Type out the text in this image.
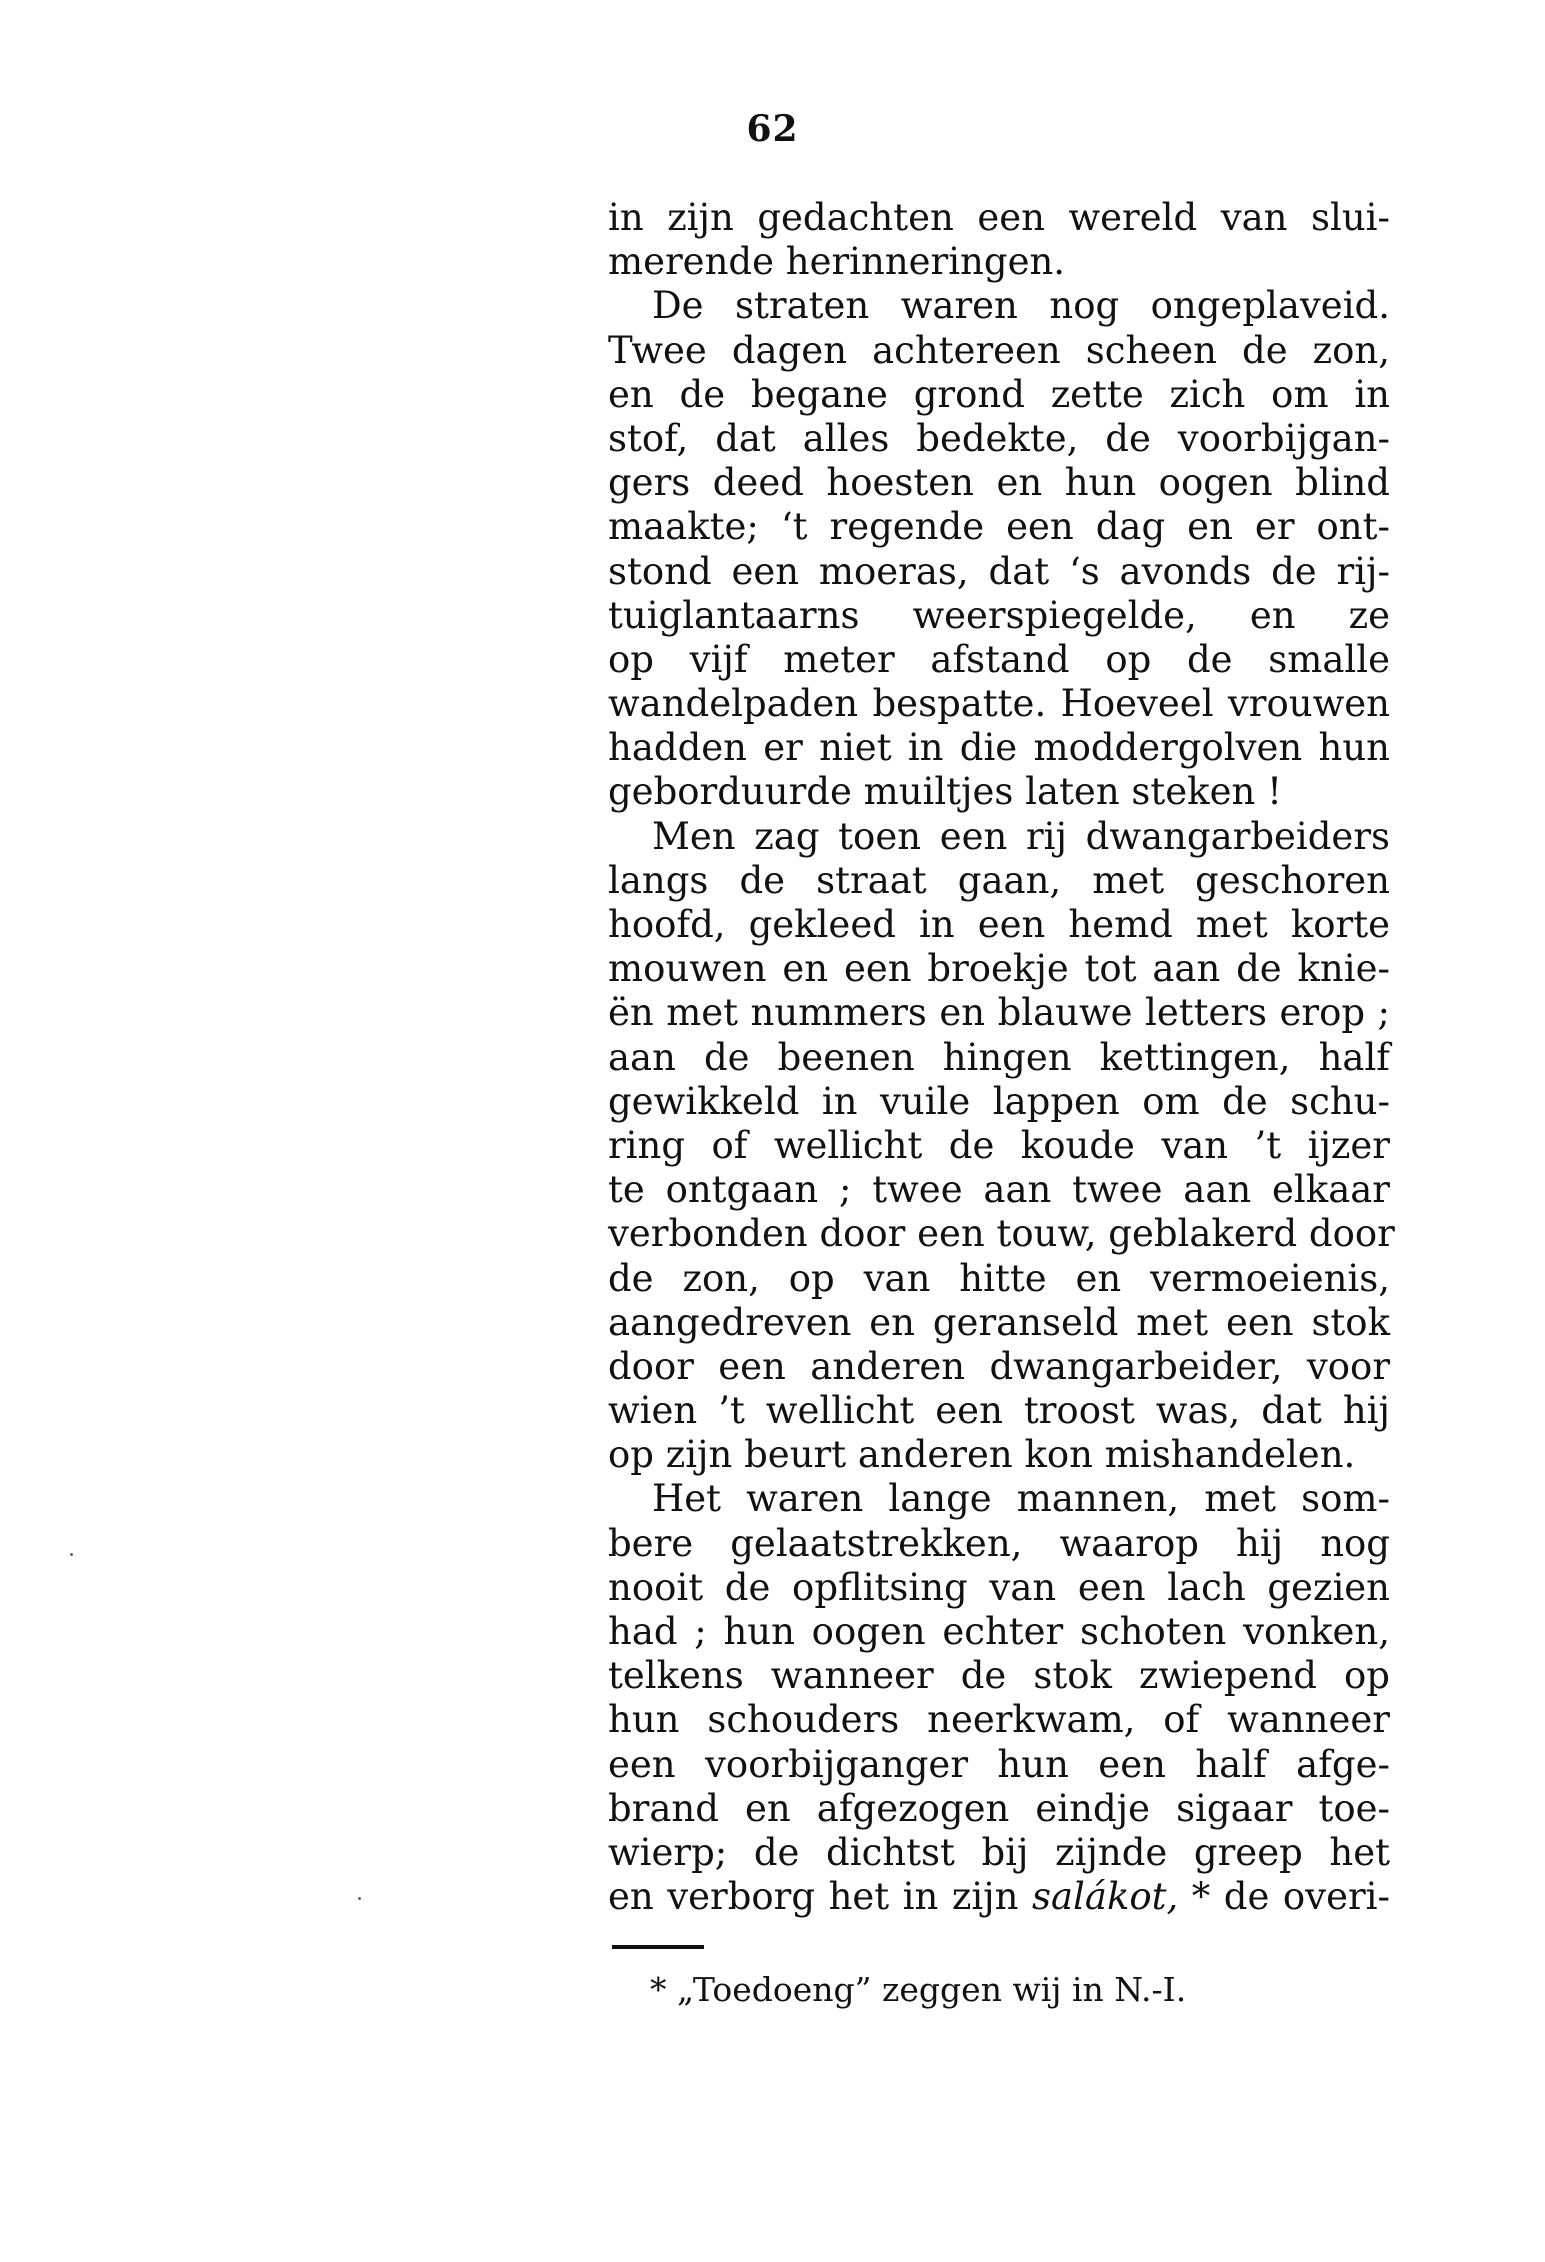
62
in zijn gedachten een wereld van slui-
merende herinneringen.
De straten waren nog ongeplaveid.
Twee dagen achtereen scheen de zon,
en de begane grond zette zich om in
stof, dat alles bedekte, de voorbijgan-
gers deed hoesten en hun oogen blind
maakte; ‘t regende een dag en er ont-
stond een moeras, dat ‘s avonds de rij-
tuiglantaarns weerspiegelde, en ze
op vijf meter afstand op de smalle
wandelpaden bespatte. Hoeveel vrouwen
hadden er niet in die moddergolven hun
geborduurde muiltjes laten steken !
Men zag toen een rij dwangarbeiders
langs de straat gaan, met geschoren
hoofd, gekleed in een hemd met korte
mouwen en een broekje tot aan de knie-
ën met nummers en blauwe letters erop ;
aan de beenen hingen kettingen, half
gewikkeld in vuile lappen om de schu-
ring of wellicht de koude van ’t ijzer
te ontgaan ; twee aan twee aan elkaar
verbonden door een touw, geblakerd door
de zon, op van hitte en vermoeienis,
aangedreven en geranseld met een stok
door een anderen dwangarbeider, voor
wien ’t wellicht een troost was, dat hij
op zijn beurt anderen kon mishandelen.
Het waren lange mannen, met som-
bere gelaatstrekken, waarop hij nog
nooit de opflitsing van een lach gezien
had ; hun oogen echter schoten vonken,
telkens wanneer de stok zwiepend op
hun schouders neerkwam, of wanneer
een voorbijganger hun een half afge-
brand en afgezogen eindje sigaar toe-
wierp; de dichtst bij zijnde greep het
en verborg het in zijn salákot, * de overi-
* „Toedoeng” zeggen wij in N.-I.
